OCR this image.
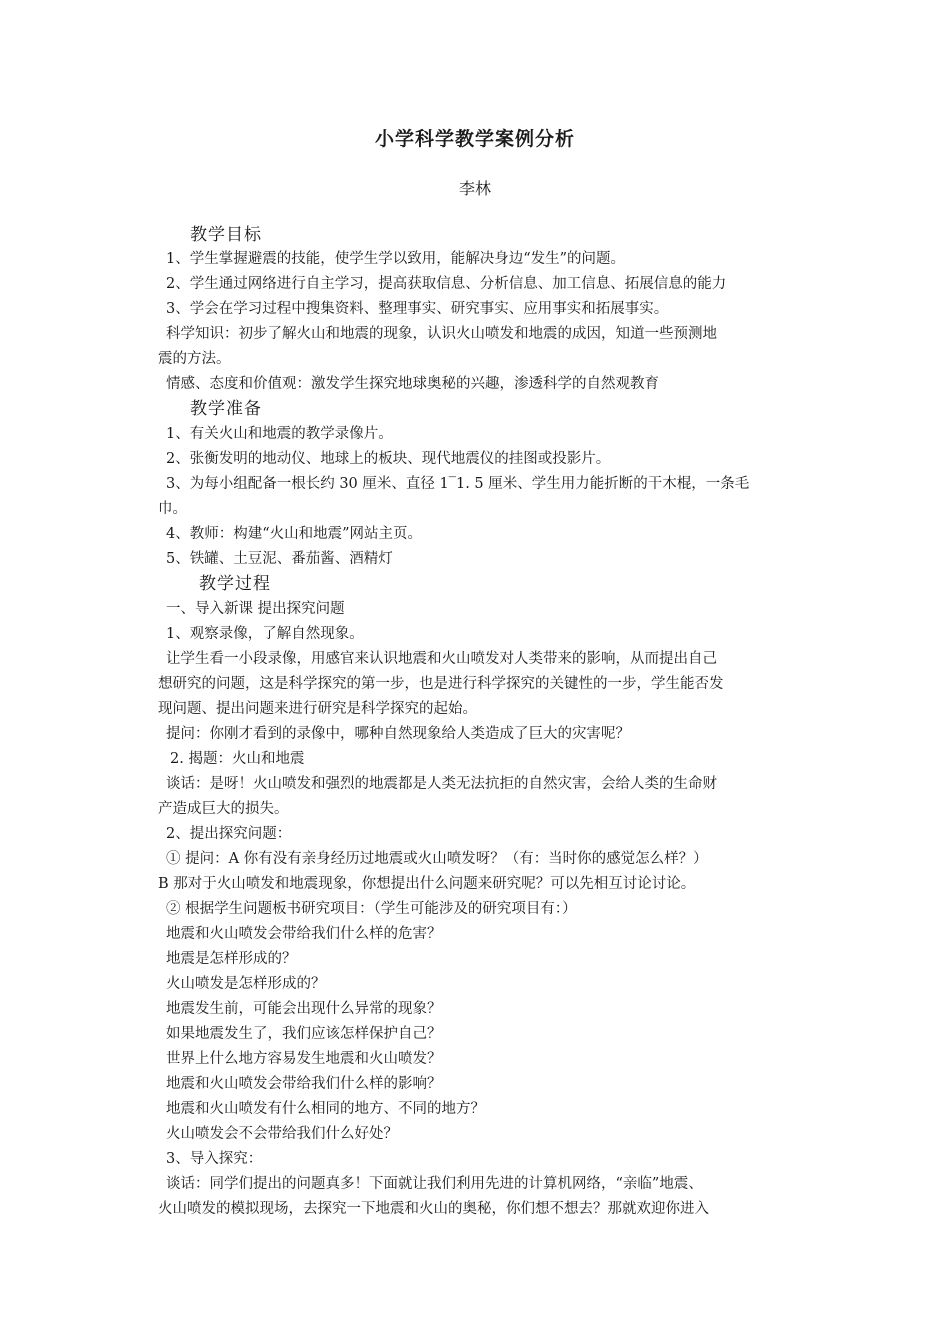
小学科学教学案例分析
李林
教学目标
1、学生掌握避震的技能，使学生学以致用，能解决身边“发生”的问题。
2、学生通过网络进行自主学习，提高获取信息、分析信息、加工信息、拓展信息的能力
3、学会在学习过程中搜集资料、整理事实、研究事实、应用事实和拓展事实。
科学知识：初步了解火山和地震的现象，认识火山喷发和地震的成因，知道一些预测地
震的方法。
情感、态度和价值观：激发学生探究地球奥秘的兴趣，渗透科学的自然观教育
教学准备
1、有关火山和地震的教学录像片。
2、张衡发明的地动仪、地球上的板块、现代地震仪的挂图或投影片。
3、为每小组配备一根长约 30 厘米、直径 1‾1. 5 厘米、学生用力能折断的干木棍，一条毛
巾。
4、教师：构建“火山和地震”网站主页。
5、铁罐、土豆泥、番茄酱、酒精灯
教学过程
一、导入新课 提出探究问题
1、观察录像，了解自然现象。
让学生看一小段录像，用感官来认识地震和火山喷发对人类带来的影响，从而提出自己
想研究的问题，这是科学探究的第一步，也是进行科学探究的关键性的一步，学生能否发
现问题、提出问题来进行研究是科学探究的起始。
提问：你刚才看到的录像中，哪种自然现象给人类造成了巨大的灾害呢？
2. 揭题：火山和地震
谈话：是呀！火山喷发和强烈的地震都是人类无法抗拒的自然灾害，会给人类的生命财
产造成巨大的损失。
2、提出探究问题：
① 提问：A 你有没有亲身经历过地震或火山喷发呀？（有：当时你的感觉怎么样？）
B 那对于火山喷发和地震现象，你想提出什么问题来研究呢？可以先相互讨论讨论。
② 根据学生问题板书研究项目：（学生可能涉及的研究项目有：）
地震和火山喷发会带给我们什么样的危害？
地震是怎样形成的？
火山喷发是怎样形成的？
地震发生前，可能会出现什么异常的现象？
如果地震发生了，我们应该怎样保护自己？
世界上什么地方容易发生地震和火山喷发？
地震和火山喷发会带给我们什么样的影响？
地震和火山喷发有什么相同的地方、不同的地方？
火山喷发会不会带给我们什么好处？
3、导入探究：
谈话：同学们提出的问题真多！下面就让我们利用先进的计算机网络，“亲临”地震、
火山喷发的模拟现场，去探究一下地震和火山的奥秘，你们想不想去？那就欢迎你进入
